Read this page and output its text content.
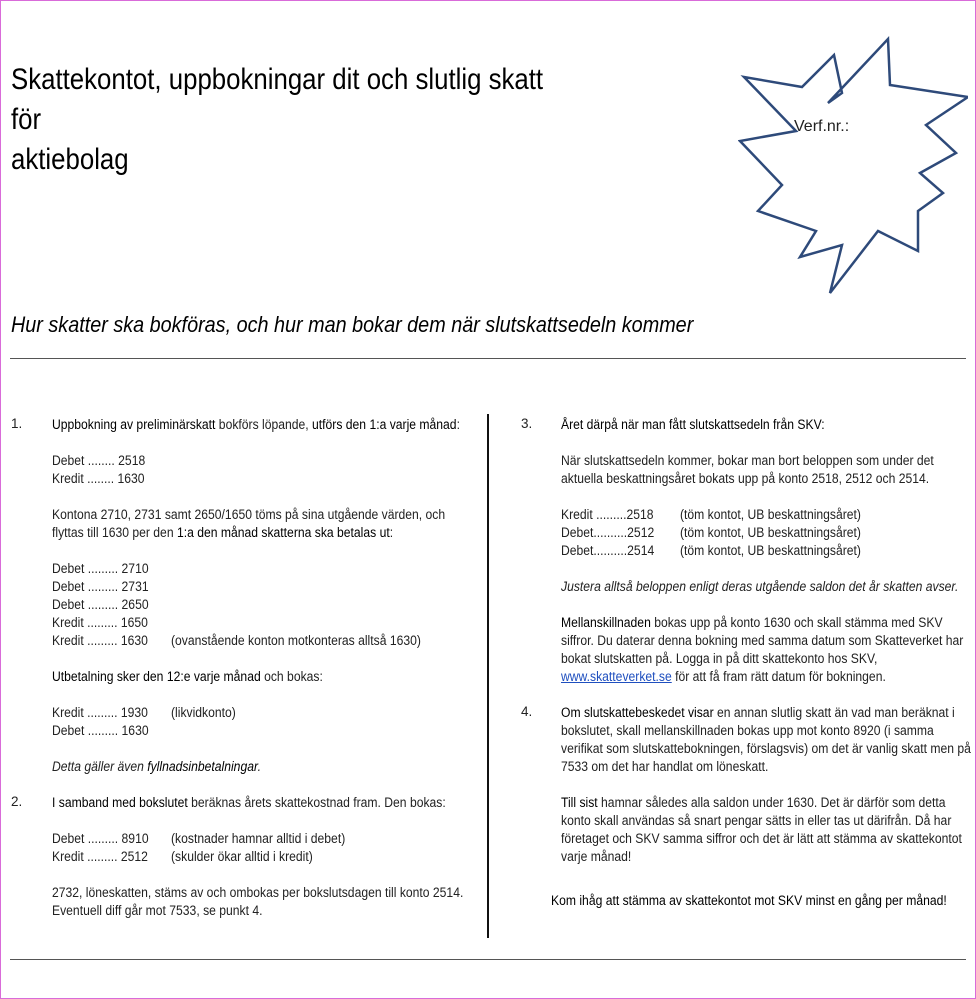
Skattekontot, uppbokningar dit och slutlig skatt för
aktiebolag
Verf.nr.:
Hur skatter ska bokföras, och hur man bokar dem när slutskattsedeln kommer
1. Uppbokning av preliminärskatt bokförs löpande, utförs den 1:a varje månad:
Debet ........ 2518
Kredit ........ 1630
Kontona 2710, 2731 samt 2650/1650 töms på sina utgående värden, och
flyttas till 1630 per den 1:a den månad skatterna ska betalas ut:
Debet ......... 2710
Debet ......... 2731
Debet ......... 2650
Kredit ......... 1650
Kredit ......... 1630 (ovanstående konton motkonteras alltså 1630)
Utbetalning sker den 12:e varje månad och bokas:
Kredit ......... 1930 (likvidkonto)
Debet ......... 1630
Detta gäller även fyllnadsinbetalningar.
2. I samband med bokslutet beräknas årets skattekostnad fram. Den bokas:
Debet ......... 8910 (kostnader hamnar alltid i debet)
Kredit ......... 2512 (skulder ökar alltid i kredit)
2732, löneskatten, stäms av och ombokas per bokslutsdagen till konto 2514.
Eventuell diff går mot 7533, se punkt 4.
3. Året därpå när man fått slutskattsedeln från SKV:
När slutskattsedeln kommer, bokar man bort beloppen som under det
aktuella beskattningsåret bokats upp på konto 2518, 2512 och 2514.
Kredit .........2518 (töm kontot, UB beskattningsåret)
Debet..........2512 (töm kontot, UB beskattningsåret)
Debet..........2514 (töm kontot, UB beskattningsåret)
Justera alltså beloppen enligt deras utgående saldon det år skatten avser.
Mellanskillnaden bokas upp på konto 1630 och skall stämma med SKV
siffror. Du daterar denna bokning med samma datum som Skatteverket har
bokat slutskatten på. Logga in på ditt skattekonto hos SKV,
www.skatteverket.se för att få fram rätt datum för bokningen.
4. Om slutskattebeskedet visar en annan slutlig skatt än vad man beräknat i
bokslutet, skall mellanskillnaden bokas upp mot konto 8920 (i samma
verifikat som slutskattebokningen, förslagsvis) om det är vanlig skatt men på
7533 om det har handlat om löneskatt.
Till sist hamnar således alla saldon under 1630. Det är därför som detta
konto skall användas så snart pengar sätts in eller tas ut därifrån. Då har
företaget och SKV samma siffror och det är lätt att stämma av skattekontot
varje månad!
Kom ihåg att stämma av skattekontot mot SKV minst en gång per månad!
